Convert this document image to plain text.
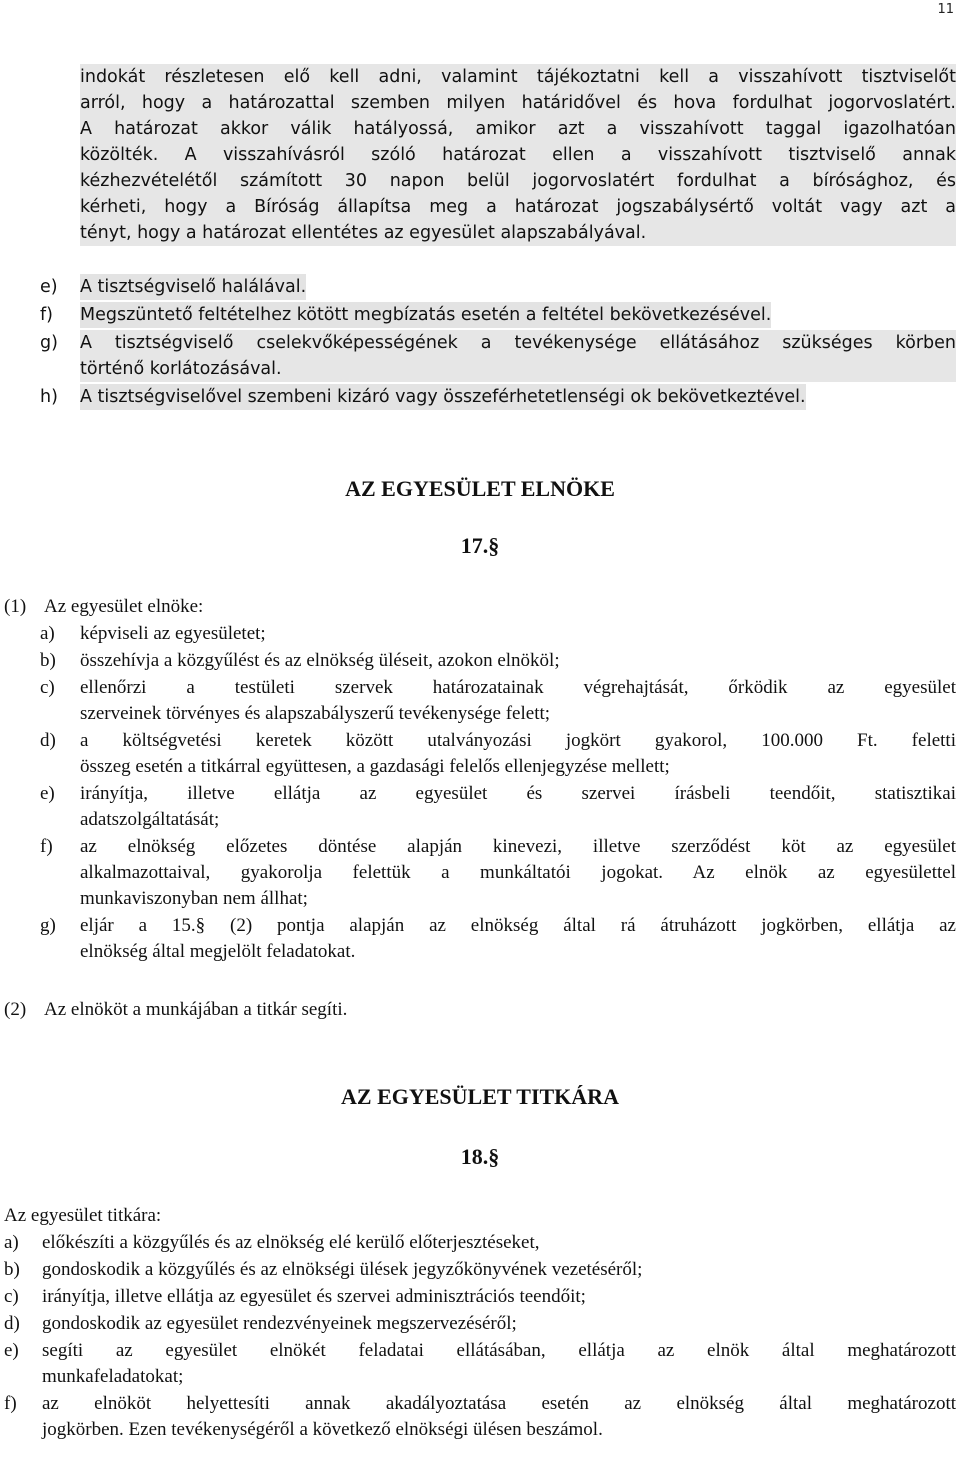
11
indokát részletesen elő kell adni, valamint tájékoztatni kell a visszahívott tisztviselőt
arról, hogy a határozattal szemben milyen határidővel és hova fordulhat jogorvoslatért.
A határozat akkor válik hatályossá, amikor azt a visszahívott taggal igazolhatóan
közölték. A visszahívásról szóló határozat ellen a visszahívott tisztviselő annak
kézhezvételétől számított 30 napon belül jogorvoslatért fordulhat a bírósághoz, és
kérheti, hogy a Bíróság állapítsa meg a határozat jogszabálysértő voltát vagy azt a
tényt, hogy a határozat ellentétes az egyesület alapszabályával.
e) A tisztségviselő halálával.
f) Megszüntető feltételhez kötött megbízatás esetén a feltétel bekövetkezésével.
g) A tisztségviselő cselekvőképességének a tevékenysége ellátásához szükséges körben
történő korlátozásával.
h) A tisztségviselővel szembeni kizáró vagy összeférhetetlenségi ok bekövetkeztével.
AZ EGYESÜLET ELNÖKE
17.§
(1) Az egyesület elnöke:
a) képviseli az egyesületet;
b) összehívja a közgyűlést és az elnökség üléseit, azokon elnököl;
c) ellenőrzi a testületi szervek határozatainak végrehajtását, őrködik az egyesület
szerveinek törvényes és alapszabályszerű tevékenysége felett;
d) a költségvetési keretek között utalványozási jogkört gyakorol, 100.000 Ft. feletti
összeg esetén a titkárral együttesen, a gazdasági felelős ellenjegyzése mellett;
e) irányítja, illetve ellátja az egyesület és szervei írásbeli teendőit, statisztikai
adatszolgáltatását;
f) az elnökség előzetes döntése alapján kinevezi, illetve szerződést köt az egyesület
alkalmazottaival, gyakorolja felettük a munkáltatói jogokat. Az elnök az egyesülettel
munkaviszonyban nem állhat;
g) eljár a 15.§ (2) pontja alapján az elnökség által rá átruházott jogkörben, ellátja az
elnökség által megjelölt feladatokat.
(2) Az elnököt a munkájában a titkár segíti.
AZ EGYESÜLET TITKÁRA
18.§
Az egyesület titkára:
a) előkészíti a közgyűlés és az elnökség elé kerülő előterjesztéseket,
b) gondoskodik a közgyűlés és az elnökségi ülések jegyzőkönyvének vezetéséről;
c) irányítja, illetve ellátja az egyesület és szervei adminisztrációs teendőit;
d) gondoskodik az egyesület rendezvényeinek megszervezéséről;
e) segíti az egyesület elnökét feladatai ellátásában, ellátja az elnök által meghatározott
munkafeladatokat;
f) az elnököt helyettesíti annak akadályoztatása esetén az elnökség által meghatározott
jogkörben. Ezen tevékenységéről a következő elnökségi ülésen beszámol.
